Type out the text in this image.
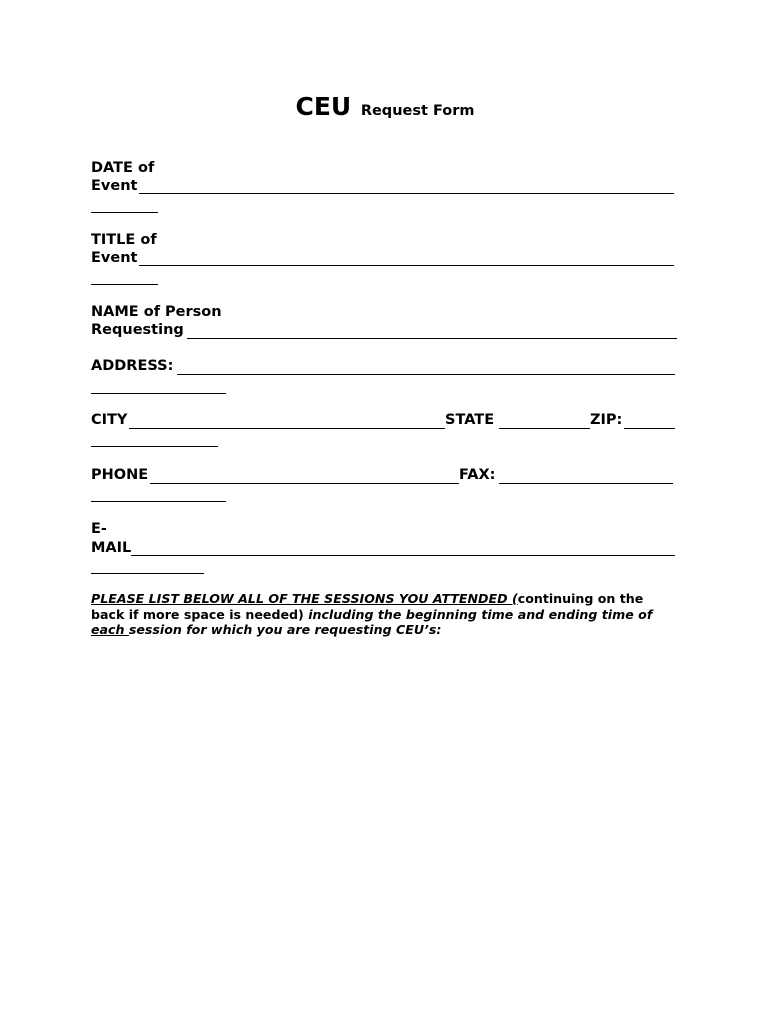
CEU Request Form
DATE of
Event
TITLE of
Event
NAME of Person
Requesting
ADDRESS:
CITY	STATE	ZIP:
PHONE	FAX:
E-
MAIL
PLEASE LIST BELOW ALL OF THE SESSIONS YOU ATTENDED (continuing on the back if more space is needed) including the beginning time and ending time of each session for which you are requesting CEU’s:
